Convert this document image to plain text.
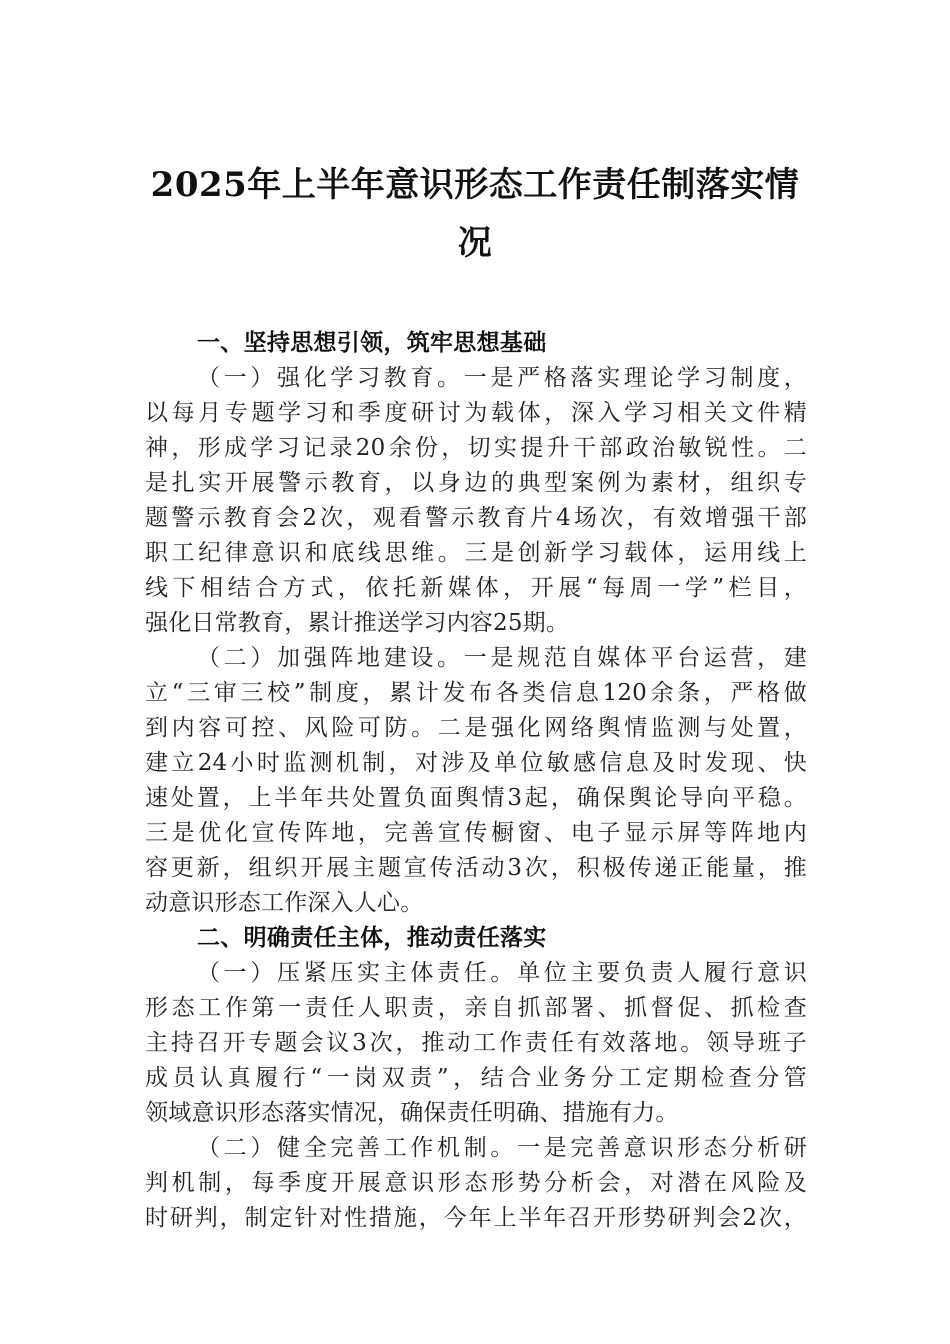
2025年上半年意识形态工作责任制落实情
况

一、坚持思想引领，筑牢思想基础

（一）强化学习教育。一是严格落实理论学习制度，
以每月专题学习和季度研讨为载体，深入学习相关文件精
神，形成学习记录20余份，切实提升干部政治敏锐性。二
是扎实开展警示教育，以身边的典型案例为素材，组织专
题警示教育会2次，观看警示教育片4场次，有效增强干部
职工纪律意识和底线思维。三是创新学习载体，运用线上
线下相结合方式，依托新媒体，开展“每周一学”栏目，
强化日常教育，累计推送学习内容25期。

（二）加强阵地建设。一是规范自媒体平台运营，建
立“三审三校”制度，累计发布各类信息120余条，严格做
到内容可控、风险可防。二是强化网络舆情监测与处置，
建立24小时监测机制，对涉及单位敏感信息及时发现、快
速处置，上半年共处置负面舆情3起，确保舆论导向平稳。
三是优化宣传阵地，完善宣传橱窗、电子显示屏等阵地内
容更新，组织开展主题宣传活动3次，积极传递正能量，推
动意识形态工作深入人心。

二、明确责任主体，推动责任落实

（一）压紧压实主体责任。单位主要负责人履行意识
形态工作第一责任人职责，亲自抓部署、抓督促、抓检查
主持召开专题会议3次，推动工作责任有效落地。领导班子
成员认真履行“一岗双责”，结合业务分工定期检查分管
领域意识形态落实情况，确保责任明确、措施有力。

（二）健全完善工作机制。一是完善意识形态分析研
判机制，每季度开展意识形态形势分析会，对潜在风险及
时研判，制定针对性措施，今年上半年召开形势研判会2次，
